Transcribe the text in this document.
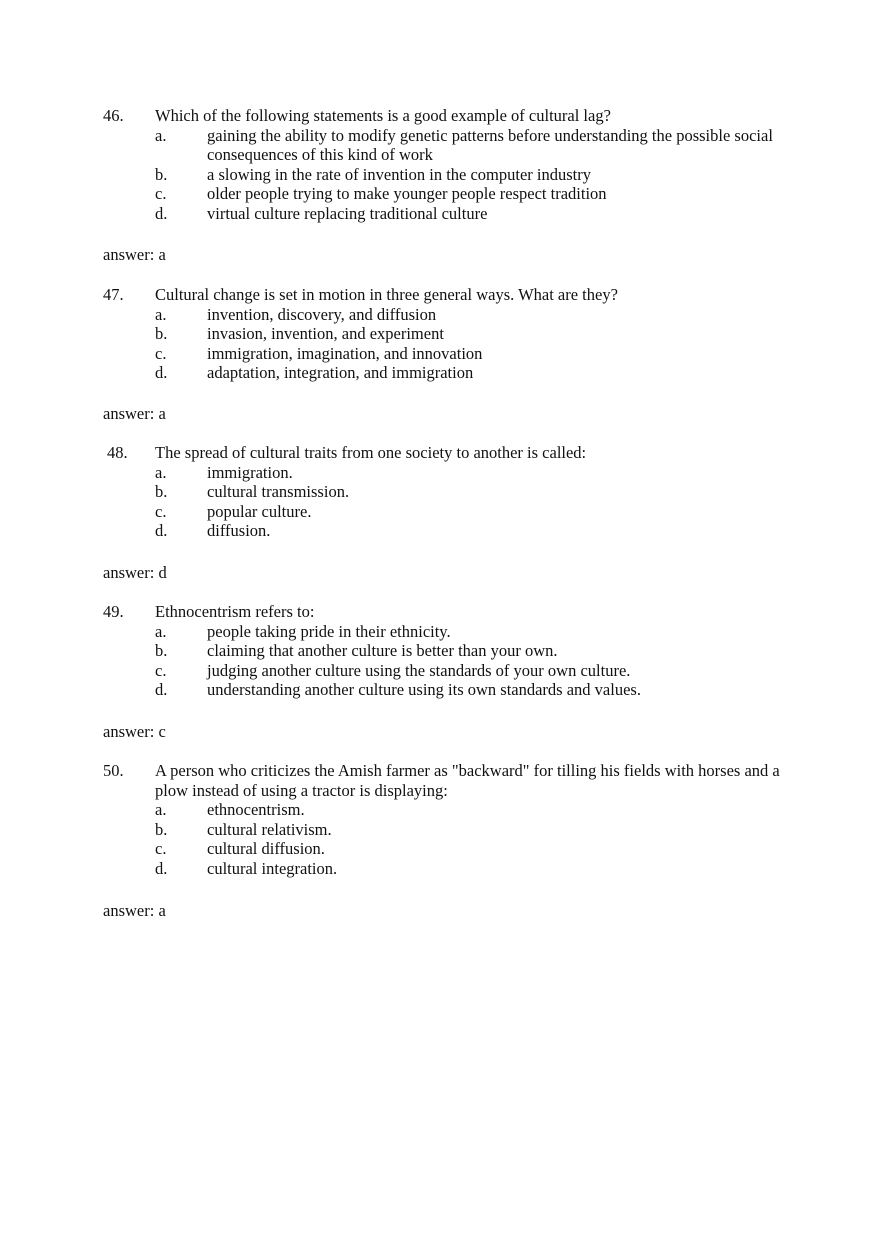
46.	Which of the following statements is a good example of cultural lag?
a.	gaining the ability to modify genetic patterns before understanding the possible social consequences of this kind of work
b.	a slowing in the rate of invention in the computer industry
c.	older people trying to make younger people respect tradition
d.	virtual culture replacing traditional culture
answer: a
47.	Cultural change is set in motion in three general ways. What are they?
a.	invention, discovery, and diffusion
b.	invasion, invention, and experiment
c.	immigration, imagination, and innovation
d.	adaptation, integration, and immigration
answer: a
48.	The spread of cultural traits from one society to another is called:
a.	immigration.
b.	cultural transmission.
c.	popular culture.
d.	diffusion.
answer: d
49.	Ethnocentrism refers to:
a.	people taking pride in their ethnicity.
b.	claiming that another culture is better than your own.
c.	judging another culture using the standards of your own culture.
d.	understanding another culture using its own standards and values.
answer: c
50.	A person who criticizes the Amish farmer as "backward" for tilling his fields with horses and a plow instead of using a tractor is displaying:
a.	ethnocentrism.
b.	cultural relativism.
c.	cultural diffusion.
d.	cultural integration.
answer: a
